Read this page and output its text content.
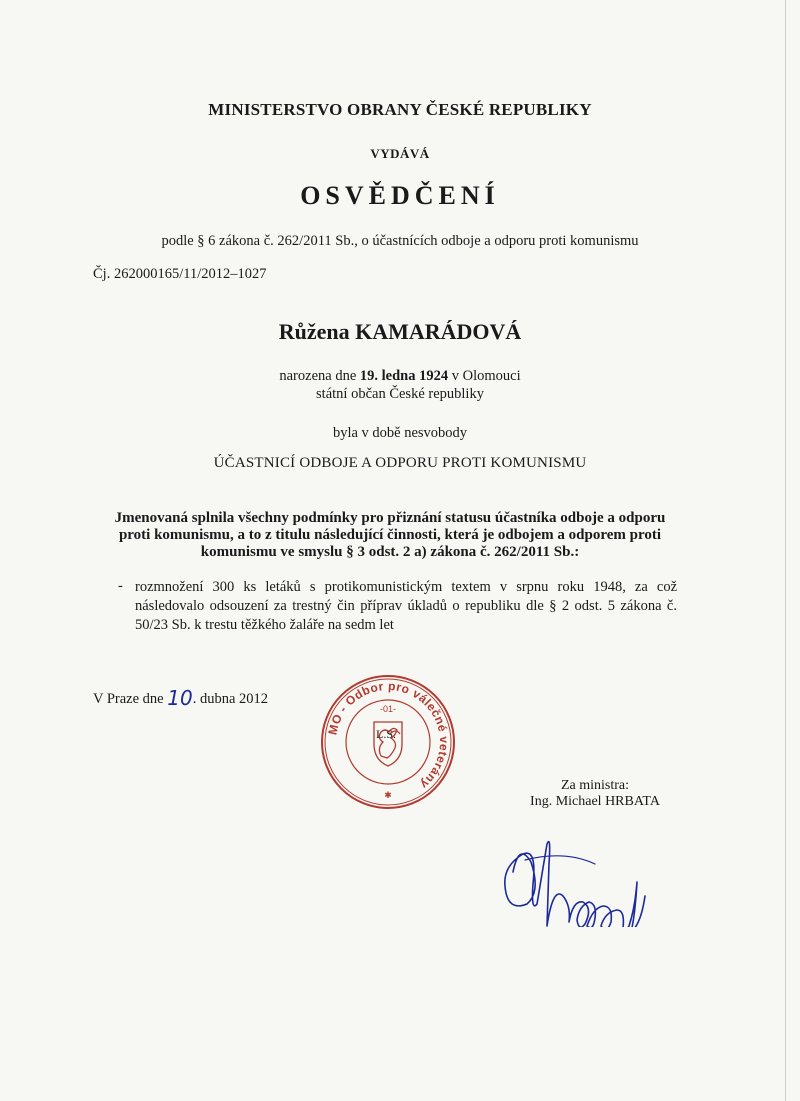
MINISTERSTVO OBRANY ČESKÉ REPUBLIKY
VYDÁVÁ
OSVĚDČENÍ
podle § 6 zákona č. 262/2011 Sb., o účastnících odboje a odporu proti komunismu
Čj. 262000165/11/2012–1027
Růžena KAMARÁDOVÁ
narozena dne 19. ledna 1924 v Olomouci
státní občan České republiky
byla v době nesvobody
ÚČASTNICÍ ODBOJE A ODPORU PROTI KOMUNISMU
Jmenovaná splnila všechny podmínky pro přiznání statusu účastníka odboje a odporu proti komunismu, a to z titulu následující činnosti, která je odbojem a odporem proti komunismu ve smyslu § 3 odst. 2 a) zákona č. 262/2011 Sb.:
- rozmnožení 300 ks letáků s protikomunistickým textem v srpnu roku 1948, za což následovalo odsouzení za trestný čin příprav úkladů o republiku dle § 2 odst. 5 zákona č. 50/23 Sb. k trestu těžkého žaláře na sedm let
V Praze dne 10. dubna 2012
MO - Odbor pro válečné veterány
-01-
L.S.
✱
Za ministra:
Ing. Michael HRBATA
